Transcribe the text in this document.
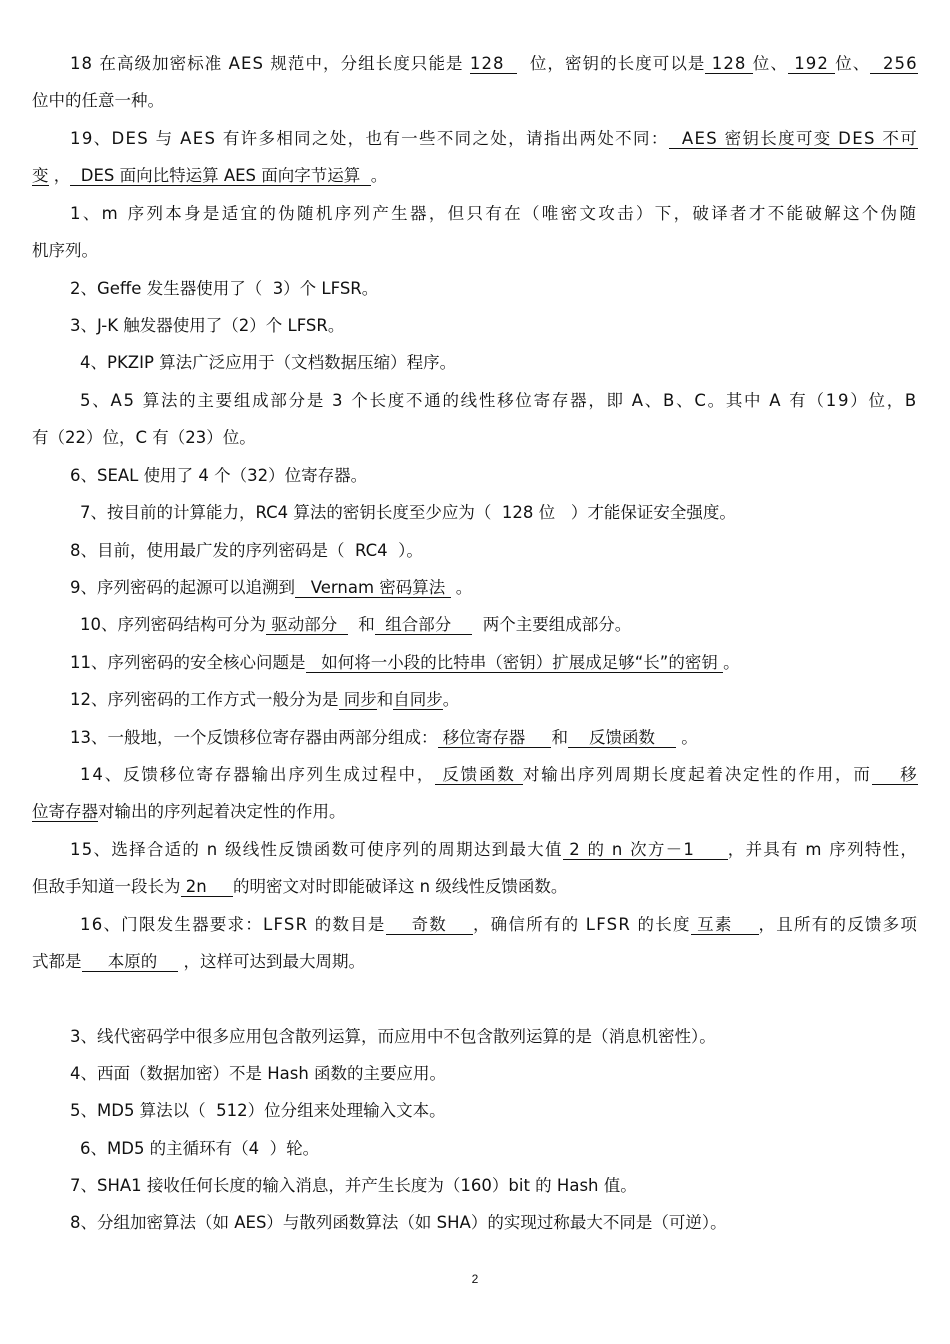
18 在高级加密标准 AES 规范中，分组长度只能是 128    位，密钥的长度可以是 128 位、 192 位、  256
位中的任意一种。
19、DES 与 AES 有许多相同之处，也有一些不同之处，请指出两处不同：  AES 密钥长度可变 DES 不可
变 ，  DES 面向比特运算 AES 面向字节运算  。
1、m 序列本身是适宜的伪随机序列产生器，但只有在（唯密文攻击）下，破译者才不能破解这个伪随
机序列。
2、Geffe 发生器使用了（  3）个 LFSR。
3、J-K 触发器使用了（2）个 LFSR。
4、PKZIP 算法广泛应用于（文档数据压缩）程序。
5、A5 算法的主要组成部分是 3 个长度不通的线性移位寄存器，即 A、B、C。其中 A 有（19）位，B
有（22）位，C 有（23）位。
6、SEAL 使用了 4 个（32）位寄存器。
7、按目前的计算能力，RC4 算法的密钥长度至少应为（  128 位   ）才能保证安全强度。
8、目前，使用最广发的序列密码是（  RC4  ）。
9、序列密码的起源可以追溯到   Vernam 密码算法  。
10、序列密码结构可分为 驱动部分    和  组合部分      两个主要组成部分。
11、序列密码的安全核心问题是   如何将一小段的比特串（密钥）扩展成足够“长”的密钥 。
12、序列密码的工作方式一般分为是 同步和自同步。
13、一般地，一个反馈移位寄存器由两部分组成： 移位寄存器     和    反馈函数     。
14、反馈移位寄存器输出序列生成过程中， 反馈函数 对输出序列周期长度起着决定性的作用，而    移
位寄存器对输出的序列起着决定性的作用。
15、选择合适的 n 级线性反馈函数可使序列的周期达到最大值 2 的 n 次方－1     ，并具有 m 序列特性，
但敌手知道一段长为 2n     的明密文对时即能破译这 n 级线性反馈函数。
16、门限发生器要求：LFSR 的数目是    奇数    ，确信所有的 LFSR 的长度 互素    ，且所有的反馈多项
式都是     本原的     ，这样可达到最大周期。
3、线代密码学中很多应用包含散列运算，而应用中不包含散列运算的是（消息机密性）。
4、西面（数据加密）不是 Hash 函数的主要应用。
5、MD5 算法以（  512）位分组来处理输入文本。
6、MD5 的主循环有（4  ）轮。
7、SHA1 接收任何长度的输入消息，并产生长度为（160）bit 的 Hash 值。
8、分组加密算法（如 AES）与散列函数算法（如 SHA）的实现过称最大不同是（可逆）。
2
